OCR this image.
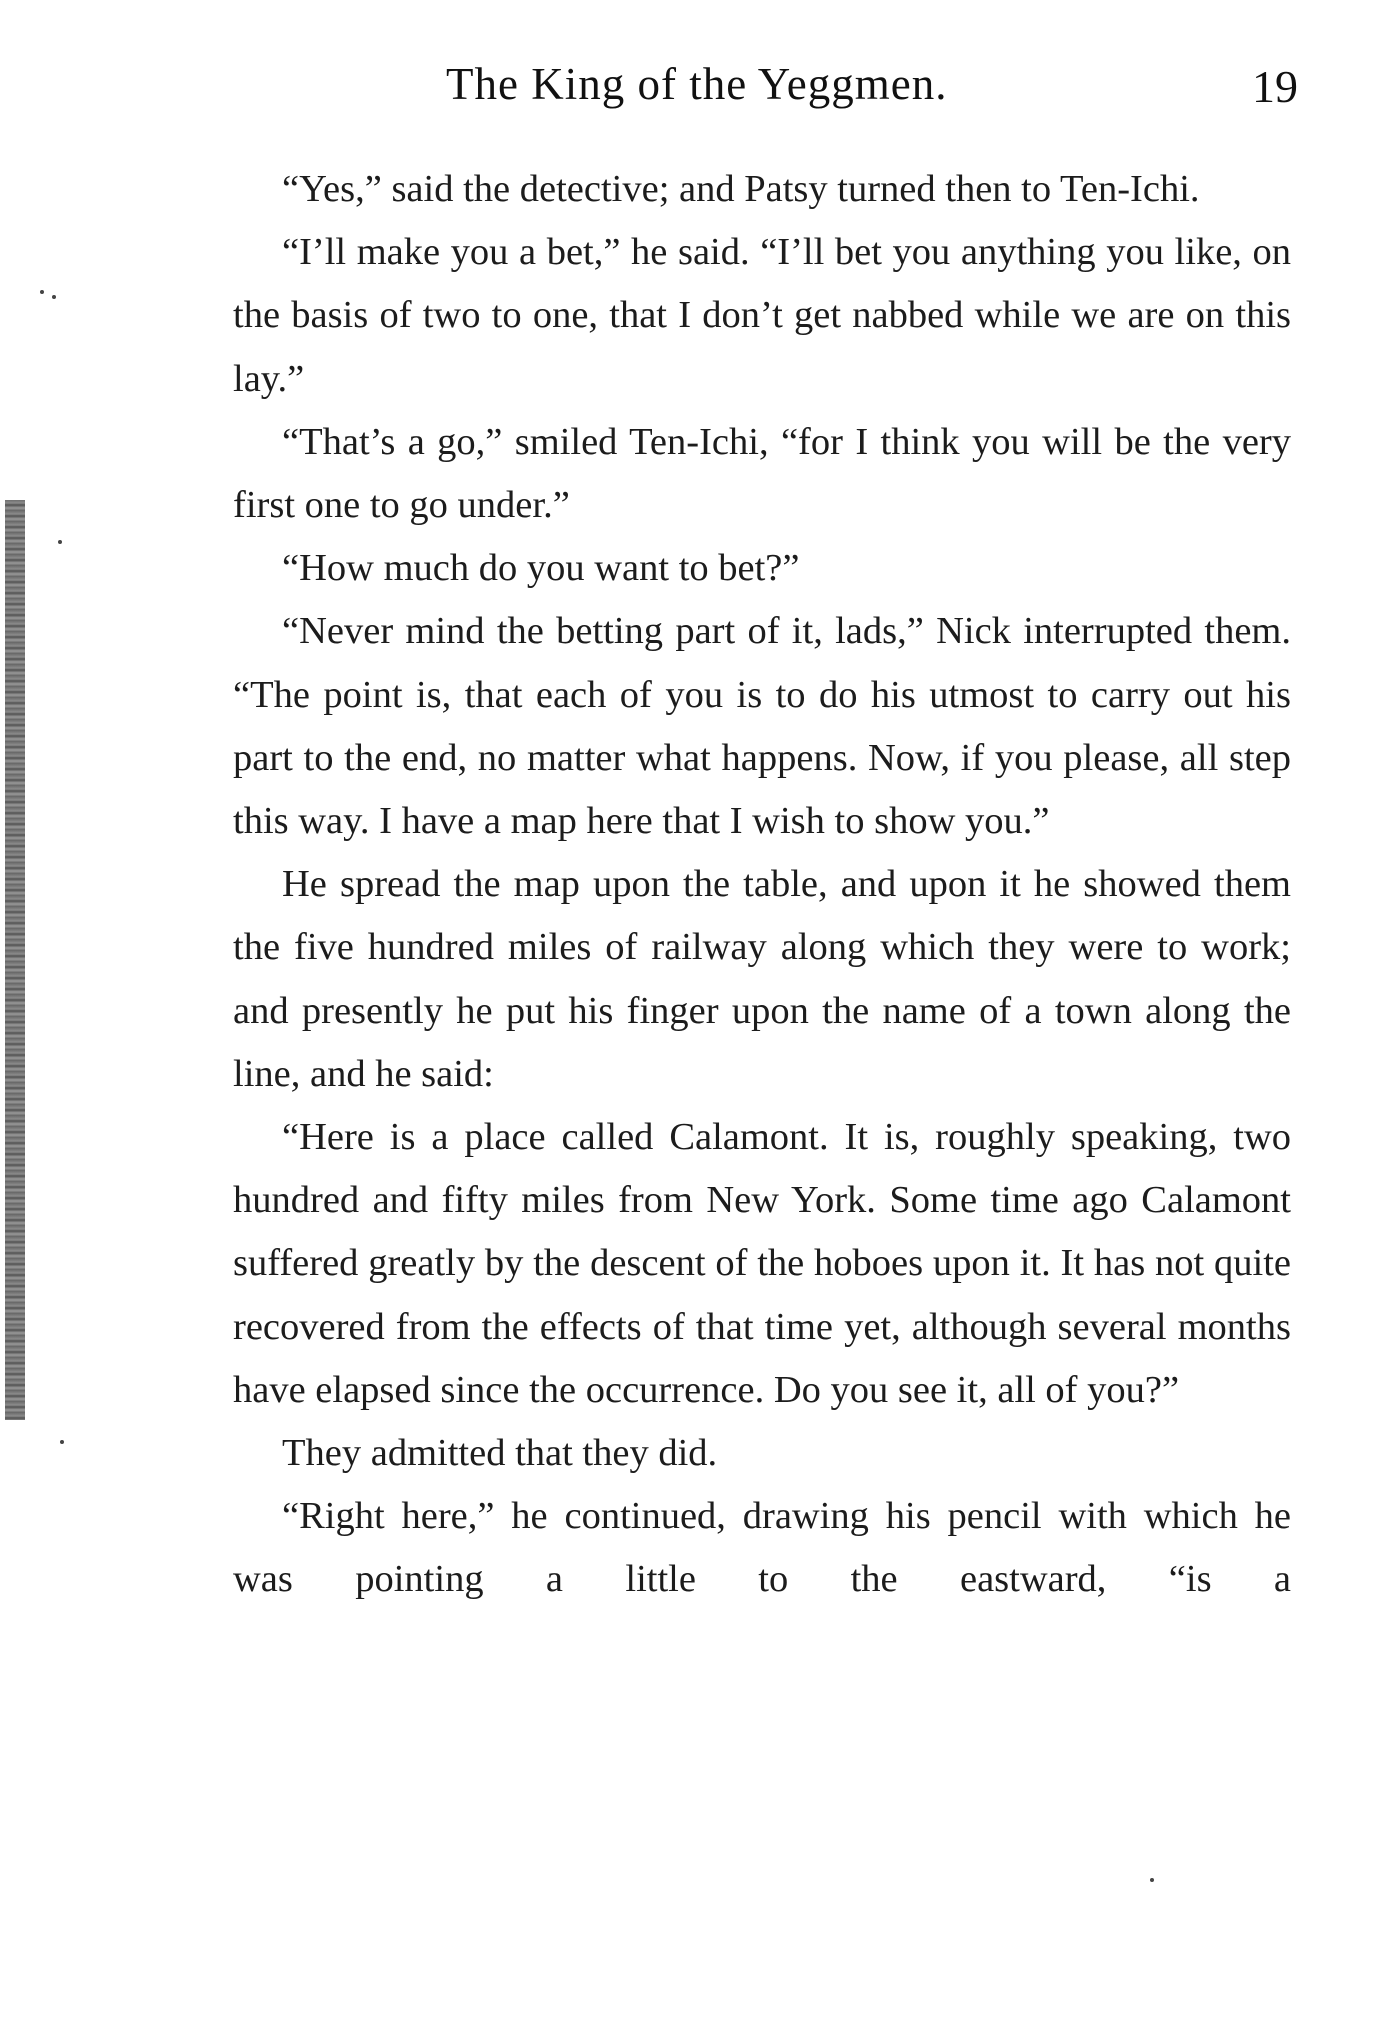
The King of the Yeggmen.	19

“Yes,” said the detective; and Patsy turned then to Ten-Ichi.

“I’ll make you a bet,” he said. “I’ll bet you anything you like, on the basis of two to one, that I don’t get nabbed while we are on this lay.”

“That’s a go,” smiled Ten-Ichi, “for I think you will be the very first one to go under.”

“How much do you want to bet?”

“Never mind the betting part of it, lads,” Nick interrupted them. “The point is, that each of you is to do his utmost to carry out his part to the end, no matter what happens. Now, if you please, all step this way. I have a map here that I wish to show you.”

He spread the map upon the table, and upon it he showed them the five hundred miles of railway along which they were to work; and presently he put his finger upon the name of a town along the line, and he said:

“Here is a place called Calamont. It is, roughly speaking, two hundred and fifty miles from New York. Some time ago Calamont suffered greatly by the descent of the hoboes upon it. It has not quite recovered from the effects of that time yet, although several months have elapsed since the occurrence. Do you see it, all of you?”

They admitted that they did.

“Right here,” he continued, drawing his pencil with which he was pointing a little to the eastward, “is a
